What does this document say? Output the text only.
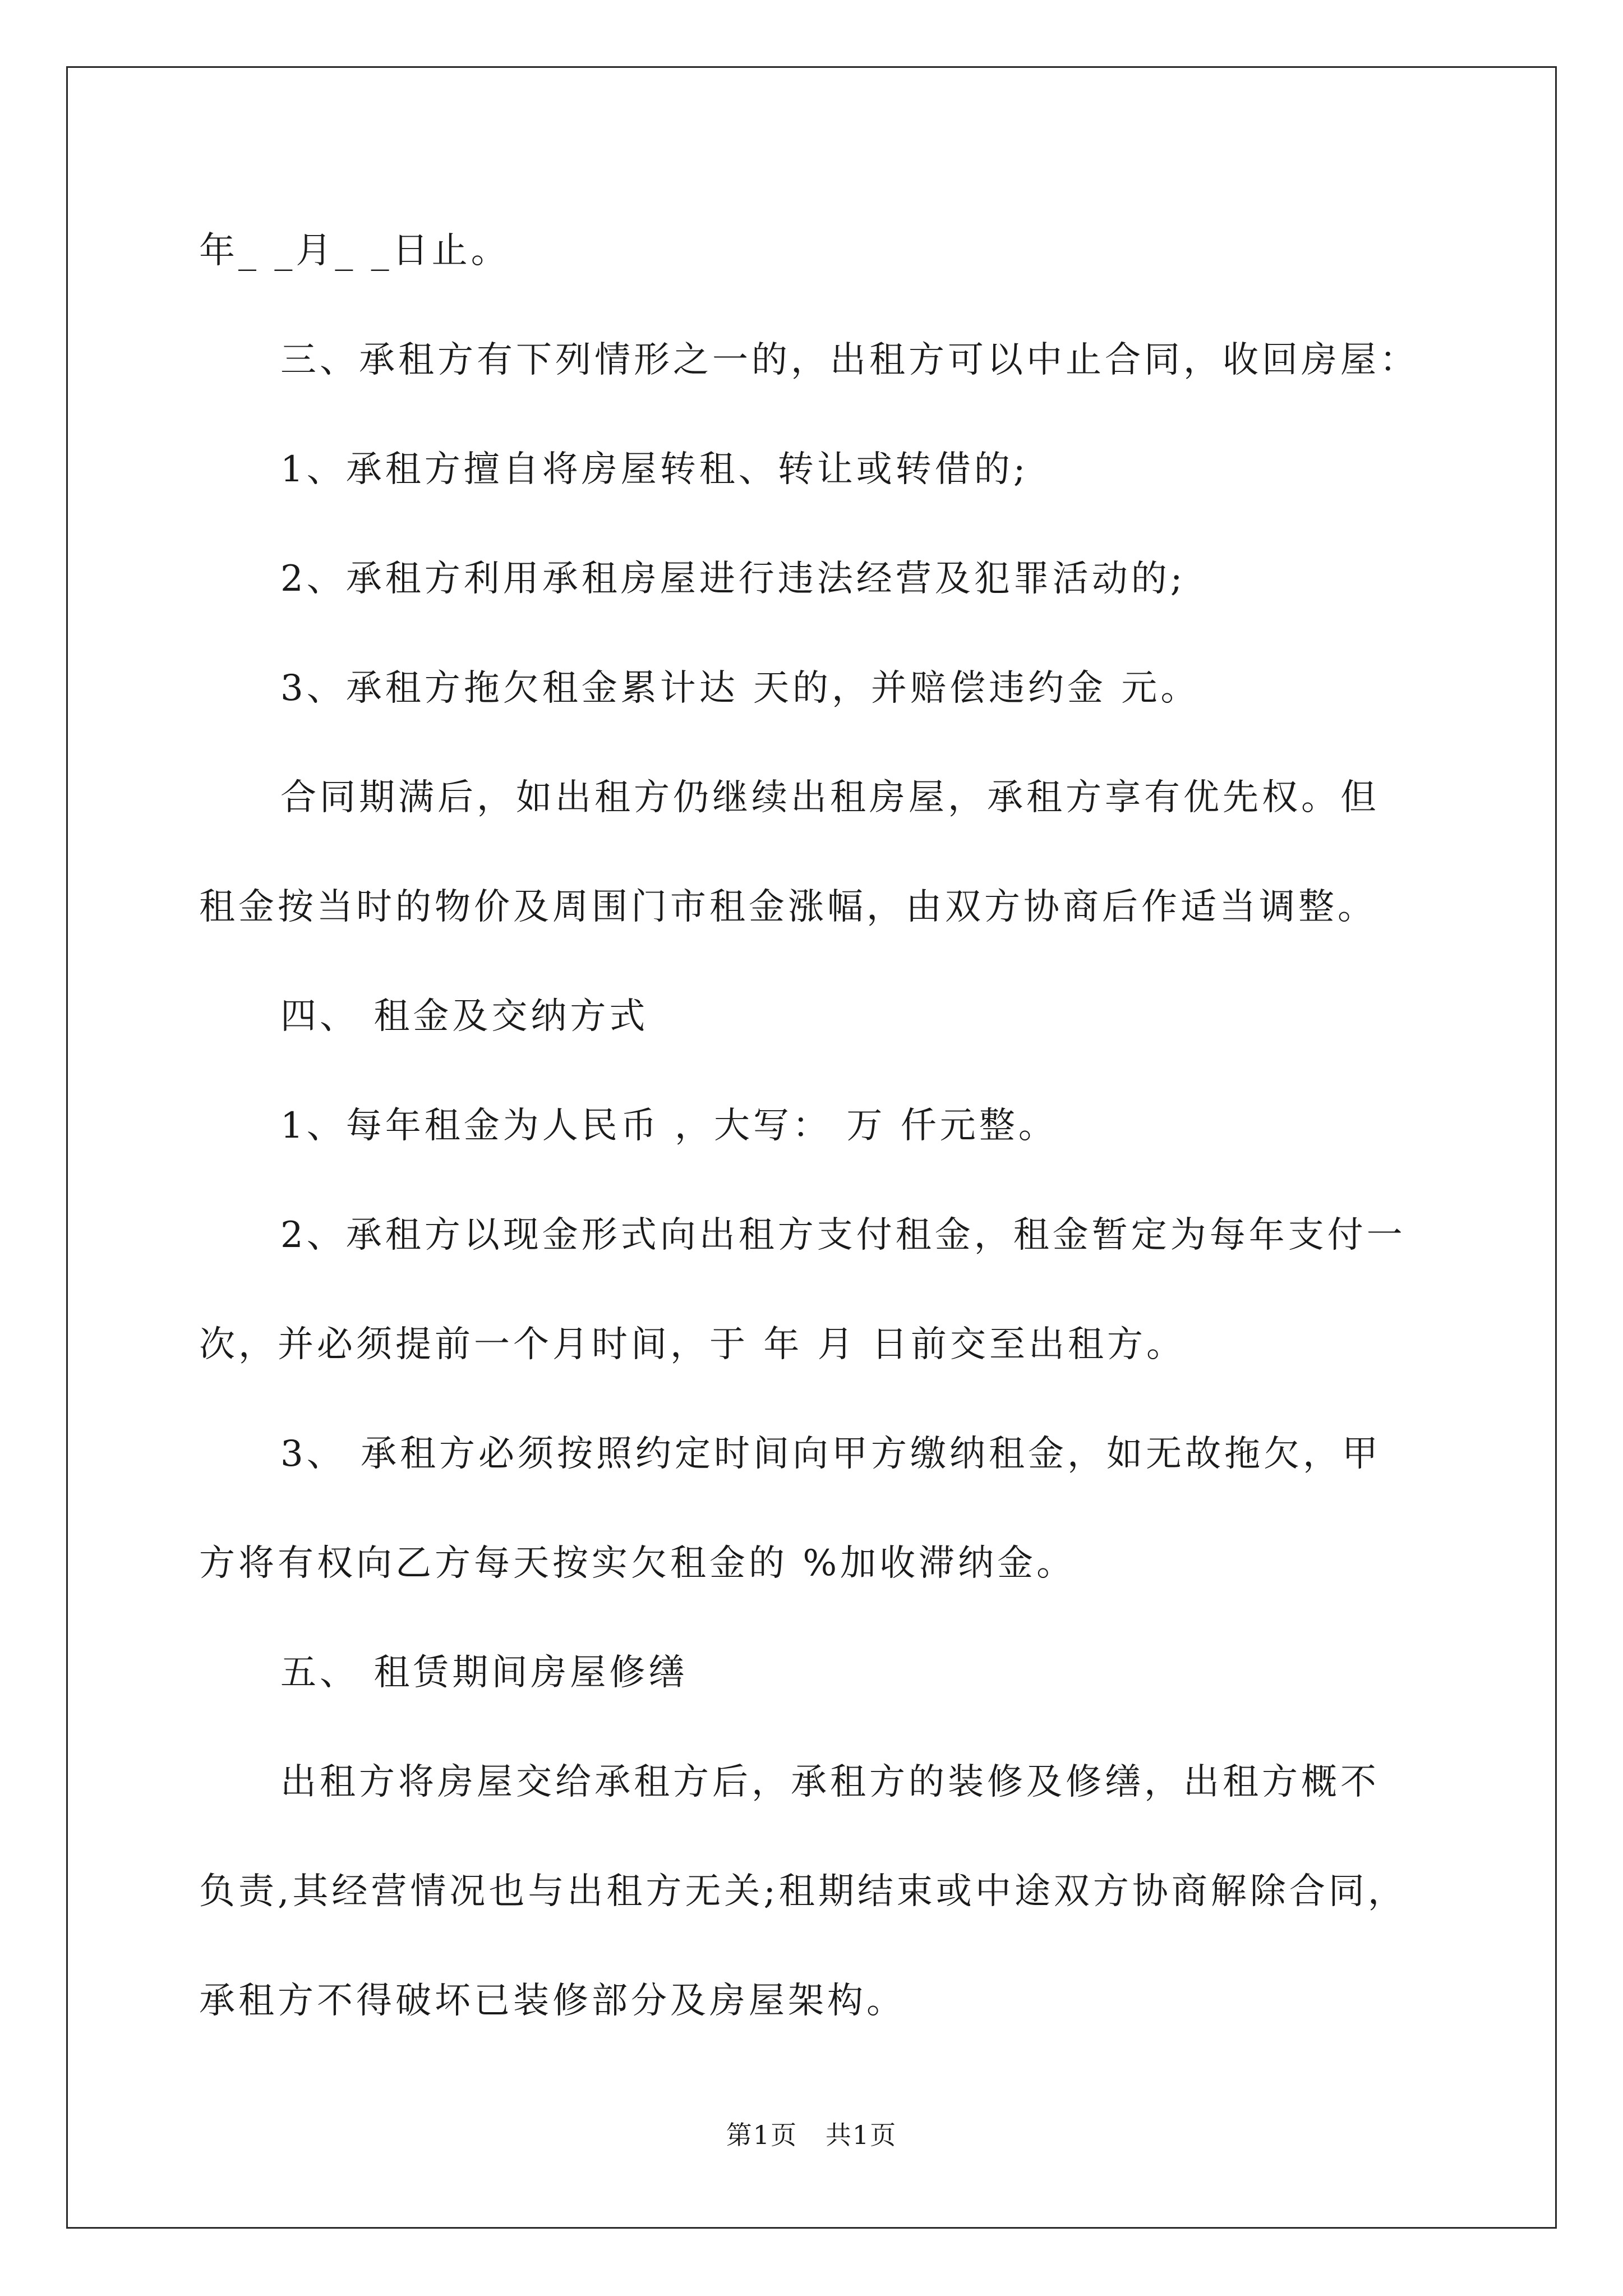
年_ _月_ _日止。
三、承租方有下列情形之一的，出租方可以中止合同，收回房屋：
1、承租方擅自将房屋转租、转让或转借的;
2、承租方利用承租房屋进行违法经营及犯罪活动的;
3、承租方拖欠租金累计达 天的，并赔偿违约金 元。
合同期满后，如出租方仍继续出租房屋，承租方享有优先权。但
租金按当时的物价及周围门市租金涨幅，由双方协商后作适当调整。
四、 租金及交纳方式
1、每年租金为人民币 ，大写： 万 仟元整。
2、承租方以现金形式向出租方支付租金，租金暂定为每年支付一
次，并必须提前一个月时间，于 年 月 日前交至出租方。
3、 承租方必须按照约定时间向甲方缴纳租金，如无故拖欠，甲
方将有权向乙方每天按实欠租金的 %加收滞纳金。
五、 租赁期间房屋修缮
出租方将房屋交给承租方后，承租方的装修及修缮，出租方概不
负责,其经营情况也与出租方无关;租期结束或中途双方协商解除合同，
承租方不得破坏已装修部分及房屋架构。
第1页   共1页
